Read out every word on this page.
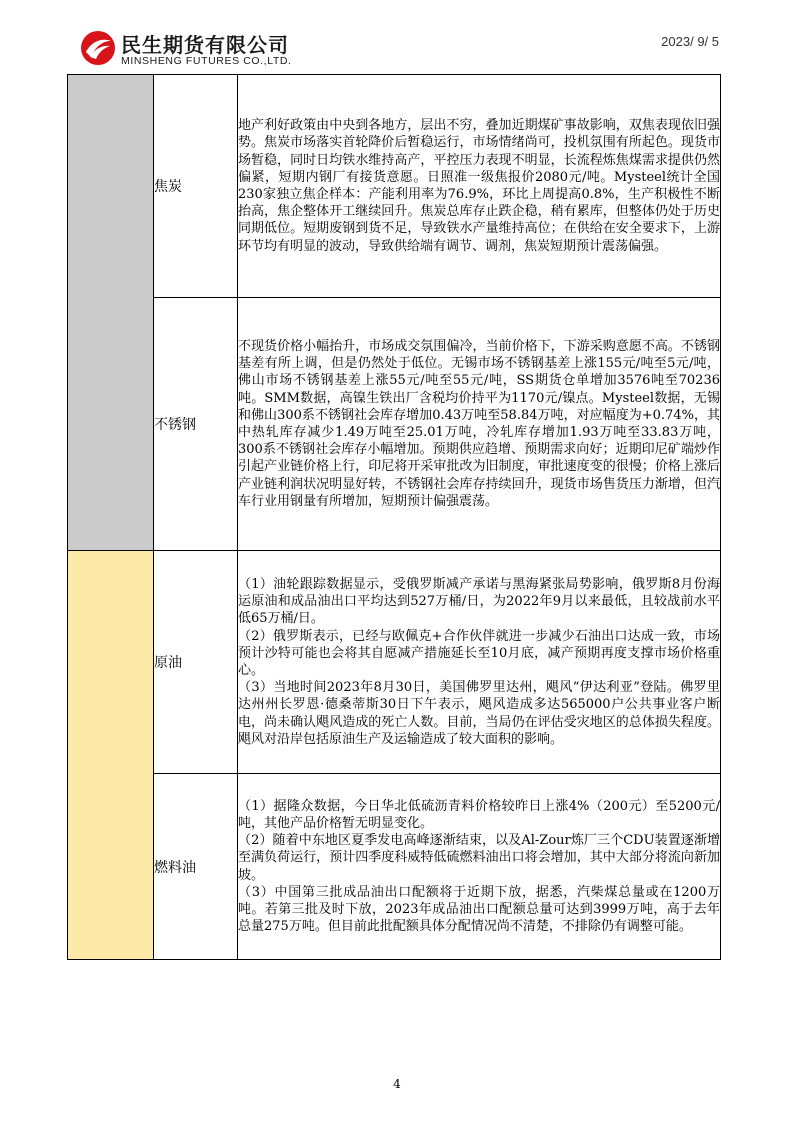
民生期货有限公司
MINSHENG FUTURES CO.,LTD.
2023/ 9/ 5
	焦炭	地产利好政策由中央到各地方，层出不穷，叠加近期煤矿事故影响，双焦表现依旧强势。焦炭市场落实首轮降价后暂稳运行，市场情绪尚可，投机氛围有所起色。现货市场暂稳，同时日均铁水维持高产，平控压力表现不明显，长流程炼焦煤需求提供仍然偏紧，短期内钢厂有接货意愿。日照准一级焦报价2080元/吨。Mysteel统计全国230家独立焦企样本：产能利用率为76.9%，环比上周提高0.8%，生产积极性不断抬高，焦企整体开工继续回升。焦炭总库存止跌企稳，稍有累库，但整体仍处于历史同期低位。短期废钢到货不足，导致铁水产量维持高位；在供给在安全要求下，上游环节均有明显的波动，导致供给端有调节、调剂，焦炭短期预计震荡偏强。

	不锈钢	不现货价格小幅抬升，市场成交氛围偏冷，当前价格下，下游采购意愿不高。不锈钢基差有所上调，但是仍然处于低位。无锡市场不锈钢基差上涨155元/吨至5元/吨，佛山市场不锈钢基差上涨55元/吨至55元/吨，SS期货仓单增加3576吨至70236吨。SMM数据，高镍生铁出厂含税均价持平为1170元/镍点。Mysteel数据，无锡和佛山300系不锈钢社会库存增加0.43万吨至58.84万吨，对应幅度为+0.74%，其中热轧库存减少1.49万吨至25.01万吨，冷轧库存增加1.93万吨至33.83万吨，300系不锈钢社会库存小幅增加。预期供应趋增、预期需求向好；近期印尼矿端炒作引起产业链价格上行，印尼将开采审批改为旧制度，审批速度变的很慢；价格上涨后产业链利润状况明显好转，不锈钢社会库存持续回升，现货市场售货压力渐增，但汽车行业用钢量有所增加，短期预计偏强震荡。

	原油	（1）油轮跟踪数据显示，受俄罗斯减产承诺与黑海紧张局势影响，俄罗斯8月份海运原油和成品油出口平均达到527万桶/日，为2022年9月以来最低，且较战前水平低65万桶/日。

（2）俄罗斯表示，已经与欧佩克+合作伙伴就进一步减少石油出口达成一致，市场预计沙特可能也会将其自愿减产措施延长至10月底，减产预期再度支撑市场价格重心。

（3）当地时间2023年8月30日，美国佛罗里达州，飓风“伊达利亚”登陆。佛罗里达州州长罗恩·德桑蒂斯30日下午表示，飓风造成多达565000户公共事业客户断电，尚未确认飓风造成的死亡人数。目前，当局仍在评估受灾地区的总体损失程度。飓风对沿岸包括原油生产及运输造成了较大面积的影响。

	燃料油	（1）据隆众数据，今日华北低硫沥青料价格较昨日上涨4%（200元）至5200元/吨，其他产品价格暂无明显变化。

（2）随着中东地区夏季发电高峰逐渐结束，以及Al-Zour炼厂三个CDU装置逐渐增至满负荷运行，预计四季度科威特低硫燃料油出口将会增加，其中大部分将流向新加坡。

（3）中国第三批成品油出口配额将于近期下放，据悉，汽柴煤总量或在1200万吨。若第三批及时下放，2023年成品油出口配额总量可达到3999万吨，高于去年总量275万吨。但目前此批配额具体分配情况尚不清楚，不排除仍有调整可能。

4
